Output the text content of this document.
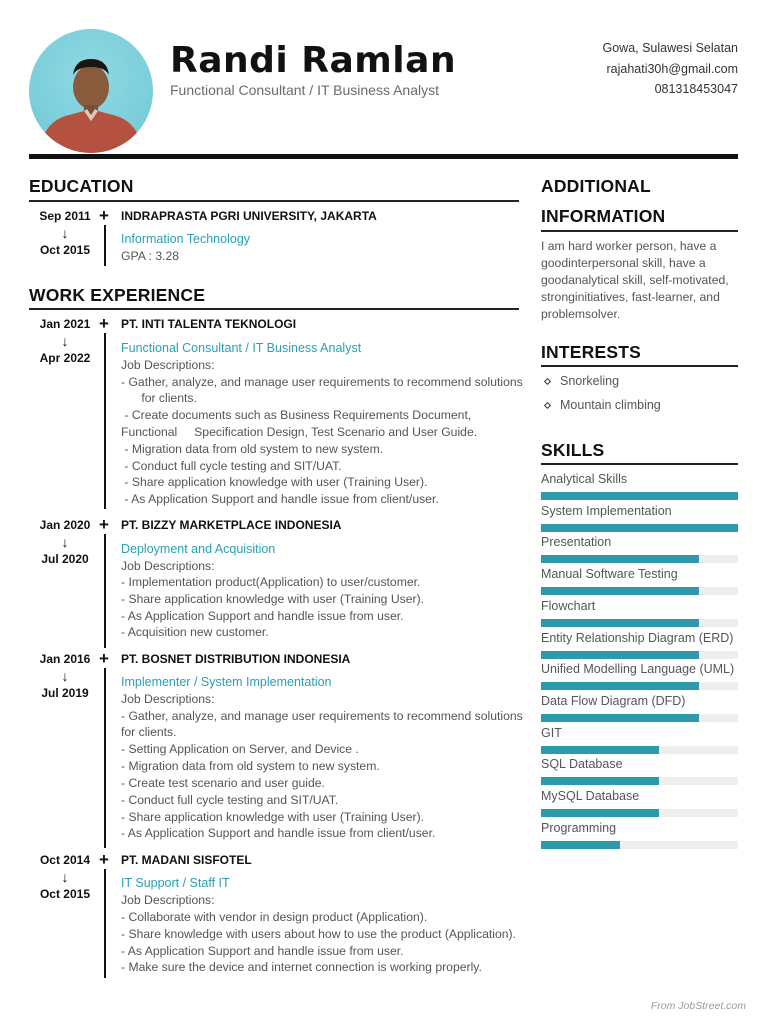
Randi Ramlan
Functional Consultant / IT Business Analyst
Gowa, Sulawesi Selatan
rajahati30h@gmail.com
081318453047
EDUCATION
Sep 2011
↓
Oct 2015
+ INDRAPRASTA PGRI UNIVERSITY, JAKARTA
Information Technology
GPA : 3.28
WORK EXPERIENCE
Jan 2021
↓
Apr 2022
+ PT. INTI TALENTA TEKNOLOGI
Functional Consultant / IT Business Analyst
Job Descriptions:
- Gather, analyze, and manage user requirements to recommend solutions
for clients.
- Create documents such as Business Requirements Document,
Functional     Specification Design, Test Scenario and User Guide.
- Migration data from old system to new system.
- Conduct full cycle testing and SIT/UAT.
- Share application knowledge with user (Training User).
- As Application Support and handle issue from client/user.
Jan 2020
↓
Jul 2020
+ PT. BIZZY MARKETPLACE INDONESIA
Deployment and Acquisition
Job Descriptions:
- Implementation product(Application) to user/customer.
- Share application knowledge with user (Training User).
- As Application Support and handle issue from user.
- Acquisition new customer.
Jan 2016
↓
Jul 2019
+ PT. BOSNET DISTRIBUTION INDONESIA
Implementer / System Implementation
Job Descriptions:
- Gather, analyze, and manage user requirements to recommend solutions
for clients.
- Setting Application on Server, and Device .
- Migration data from old system to new system.
- Create test scenario and user guide.
- Conduct full cycle testing and SIT/UAT.
- Share application knowledge with user (Training User).
- As Application Support and handle issue from client/user.
Oct 2014
↓
Oct 2015
+ PT. MADANI SISFOTEL
IT Support / Staff IT
Job Descriptions:
- Collaborate with vendor in design product (Application).
- Share knowledge with users about how to use the product (Application).
- As Application Support and handle issue from user.
- Make sure the device and internet connection is working properly.
ADDITIONAL
INFORMATION
I am hard worker person, have a
goodinterpersonal skill, have a
goodanalytical skill, self-motivated,
stronginitiatives, fast-learner, and
problemsolver.
INTERESTS
Snorkeling
Mountain climbing
SKILLS
Analytical Skills
System Implementation
Presentation
Manual Software Testing
Flowchart
Entity Relationship Diagram (ERD)
Unified Modelling Language (UML)
Data Flow Diagram (DFD)
GIT
SQL Database
MySQL Database
Programming
From JobStreet.com
